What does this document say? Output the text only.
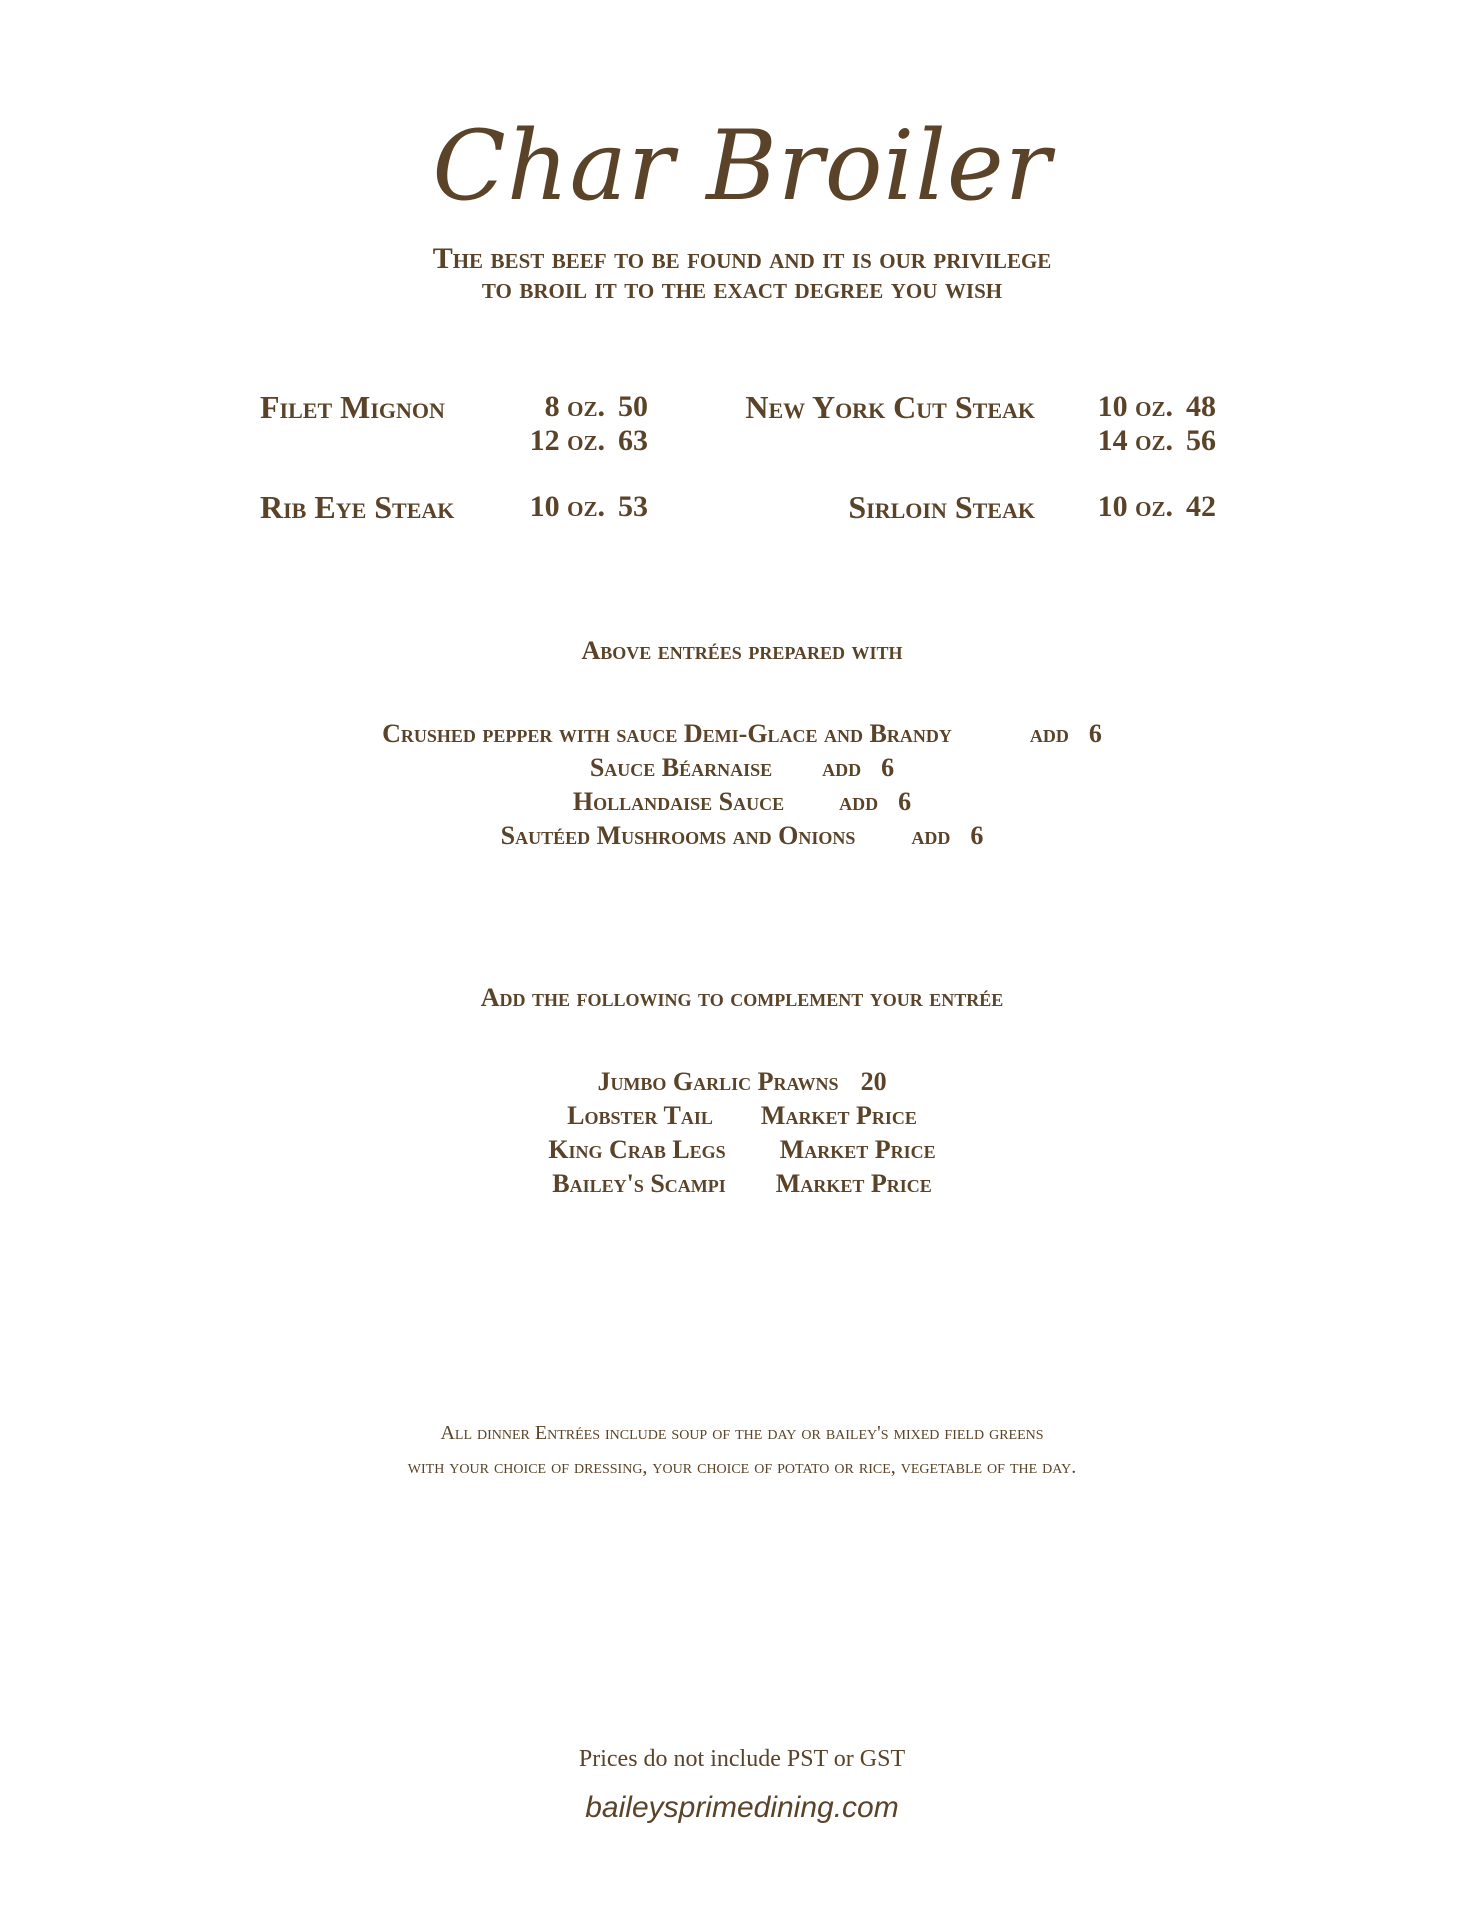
Char Broiler
The best beef to be found and it is our privilege
to broil it to the exact degree you wish
Filet Mignon	8 oz. 50
12 oz. 63
New York Cut Steak	10 oz. 48
14 oz. 56
Rib Eye Steak	10 oz. 53	Sirloin Steak	10 oz. 42
Above entrées prepared with
Crushed pepper with sauce Demi-Glace and Brandy	add 6
Sauce Béarnaise add 6
Hollandaise Sauce add 6
Sautéed Mushrooms and Onions add 6
Add the following to complement your entrée
Jumbo Garlic Prawns 20
Lobster Tail Market Price
King Crab Legs Market Price
Bailey's Scampi Market Price
All dinner Entrées include soup of the day or bailey's mixed field greens
with your choice of dressing, your choice of potato or rice, vegetable of the day.
Prices do not include PST or GST
baileysprimedining.com
